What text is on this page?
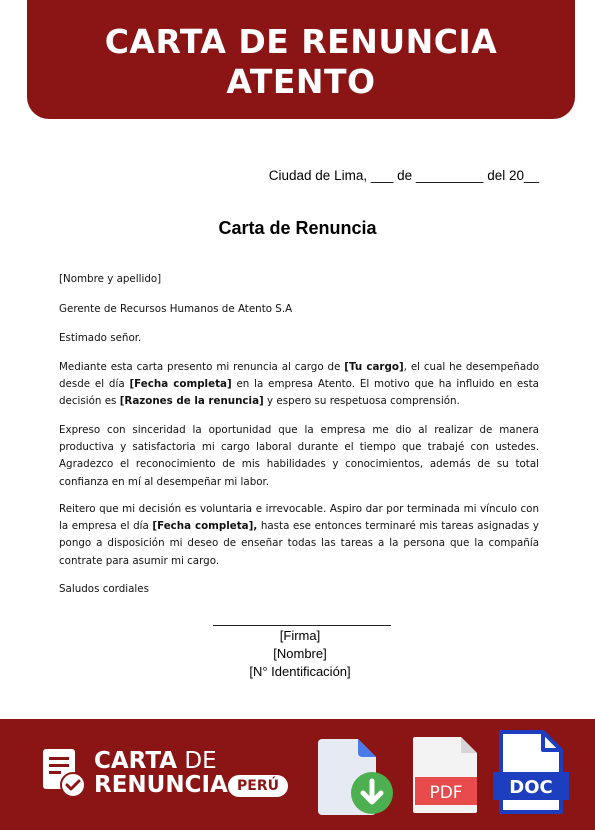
CARTA DE RENUNCIA
ATENTO
Ciudad de Lima, ___ de _________ del 20__
Carta de Renuncia
[Nombre y apellido]
Gerente de Recursos Humanos de Atento S.A
Estimado señor.
Mediante esta carta presento mi renuncia al cargo de [Tu cargo], el cual he desempeñado desde el día [Fecha completa] en la empresa Atento. El motivo que ha influido en esta decisión es [Razones de la renuncia] y espero su respetuosa comprensión.
Expreso con sinceridad la oportunidad que la empresa me dio al realizar de manera productiva y satisfactoria mi cargo laboral durante el tiempo que trabajé con ustedes. Agradezco el reconocimiento de mis habilidades y conocimientos, además de su total confianza en mí al desempeñar mi labor.
Reitero que mi decisión es voluntaria e irrevocable. Aspiro dar por terminada mi vínculo con la empresa el día [Fecha completa], hasta ese entonces terminaré mis tareas asignadas y pongo a disposición mi deseo de enseñar todas las tareas a la persona que la compañía contrate para asumir mi cargo.
Saludos cordiales
[Firma]
[Nombre]
[N° Identificación]
CARTA DE
RENUNCIA PERÚ	PDF	DOC
